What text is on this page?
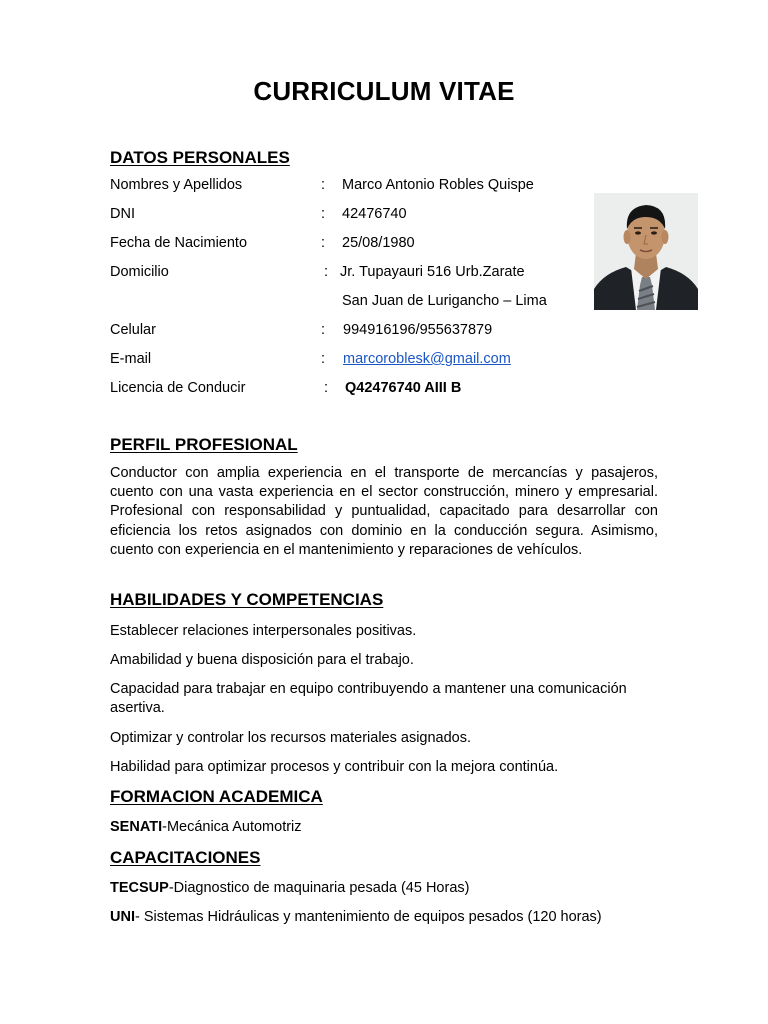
CURRICULUM VITAE
DATOS PERSONALES
Nombres y Apellidos	: Marco Antonio Robles Quispe
DNI	: 42476740
Fecha de Nacimiento	: 25/08/1980
Domicilio	: Jr. Tupayauri 516 Urb.Zarate
San Juan de Lurigancho – Lima
Celular	: 994916196/955637879
E-mail	: marcoroblesk@gmail.com
Licencia de Conducir	: Q42476740 AIII B
PERFIL PROFESIONAL
Conductor con amplia experiencia en el transporte de mercancías y pasajeros, cuento con una vasta experiencia en el sector construcción, minero y empresarial. Profesional con responsabilidad y puntualidad, capacitado para desarrollar con eficiencia los retos asignados con dominio en la conducción segura. Asimismo, cuento con experiencia en el mantenimiento y reparaciones de vehículos.
HABILIDADES Y COMPETENCIAS
Establecer relaciones interpersonales positivas.
Amabilidad y buena disposición para el trabajo.
Capacidad para trabajar en equipo contribuyendo a mantener una comunicación asertiva.
Optimizar y controlar los recursos materiales asignados.
Habilidad para optimizar procesos y contribuir con la mejora continúa.
FORMACION ACADEMICA
SENATI-Mecánica Automotriz
CAPACITACIONES
TECSUP-Diagnostico de maquinaria pesada (45 Horas)
UNI- Sistemas Hidráulicas y mantenimiento de equipos pesados (120 horas)
